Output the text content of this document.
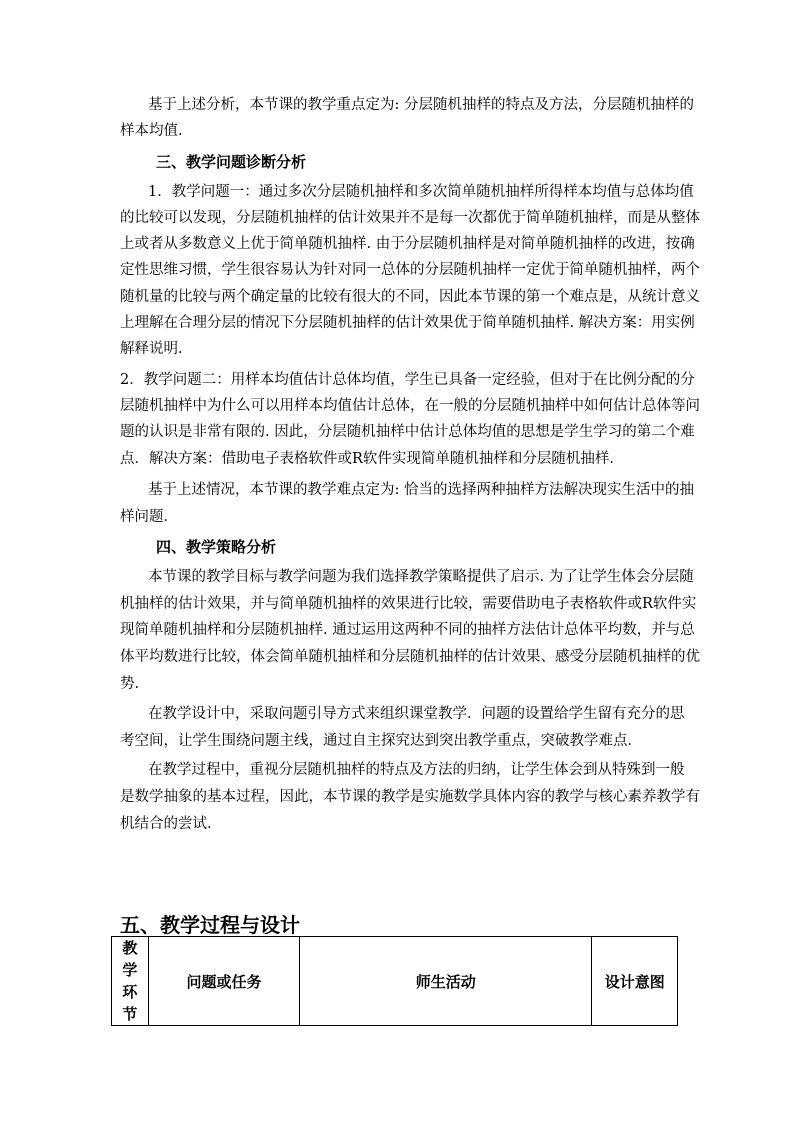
基于上述分析，本节课的教学重点定为: 分层随机抽样的特点及方法，分层随机抽样的
样本均值.
三、教学问题诊断分析
1．教学问题一：通过多次分层随机抽样和多次简单随机抽样所得样本均值与总体均值
的比较可以发现，分层随机抽样的估计效果并不是每一次都优于简单随机抽样，而是从整体
上或者从多数意义上优于简单随机抽样. 由于分层随机抽样是对简单随机抽样的改进，按确
定性思维习惯，学生很容易认为针对同一总体的分层随机抽样一定优于简单随机抽样，两个
随机量的比较与两个确定量的比较有很大的不同，因此本节课的第一个难点是，从统计意义
上理解在合理分层的情况下分层随机抽样的估计效果优于简单随机抽样. 解决方案：用实例
解释说明.
2．教学问题二：用样本均值估计总体均值，学生已具备一定经验，但对于在比例分配的分
层随机抽样中为什么可以用样本均值估计总体，在一般的分层随机抽样中如何估计总体等问
题的认识是非常有限的. 因此，分层随机抽样中估计总体均值的思想是学生学习的第二个难
点．解决方案：借助电子表格软件或R软件实现简单随机抽样和分层随机抽样．
基于上述情况，本节课的教学难点定为: 恰当的选择两种抽样方法解决现实生活中的抽
样问题．
四、教学策略分析
本节课的教学目标与教学问题为我们选择教学策略提供了启示. 为了让学生体会分层随
机抽样的估计效果，并与简单随机抽样的效果进行比较，需要借助电子表格软件或R软件实
现简单随机抽样和分层随机抽样. 通过运用这两种不同的抽样方法估计总体平均数，并与总
体平均数进行比较，体会简单随机抽样和分层随机抽样的估计效果、感受分层随机抽样的优
势.
在教学设计中，采取问题引导方式来组织课堂教学．问题的设置给学生留有充分的思
考空间，让学生围绕问题主线，通过自主探究达到突出教学重点，突破教学难点．
在教学过程中，重视分层随机抽样的特点及方法的归纳，让学生体会到从特殊到一般
是数学抽象的基本过程，因此，本节课的教学是实施数学具体内容的教学与核心素养教学有
机结合的尝试．
五、教学过程与设计
教
学
环
节
	问题或任务	师生活动	设计意图
